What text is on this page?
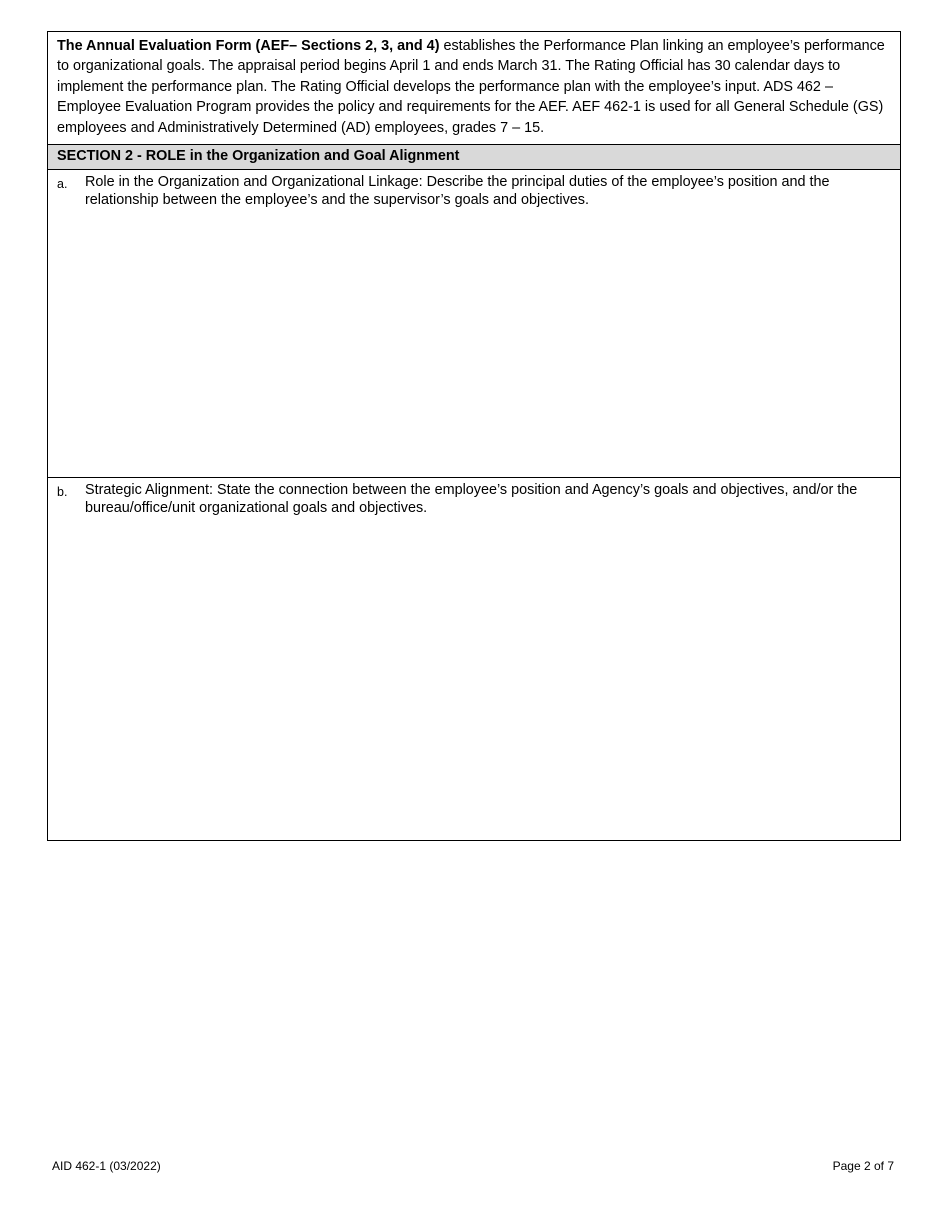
The Annual Evaluation Form (AEF– Sections 2, 3, and 4) establishes the Performance Plan linking an employee’s performance to organizational goals. The appraisal period begins April 1 and ends March 31. The Rating Official has 30 calendar days to implement the performance plan. The Rating Official develops the performance plan with the employee’s input. ADS 462 – Employee Evaluation Program provides the policy and requirements for the AEF. AEF 462-1 is used for all General Schedule (GS) employees and Administratively Determined (AD) employees, grades 7 – 15.
SECTION 2 - ROLE in the Organization and Goal Alignment
a. Role in the Organization and Organizational Linkage: Describe the principal duties of the employee’s position and the relationship between the employee’s and the supervisor’s goals and objectives.
b. Strategic Alignment: State the connection between the employee’s position and Agency’s goals and objectives, and/or the bureau/office/unit organizational goals and objectives.
AID 462-1 (03/2022)	Page 2 of 7
